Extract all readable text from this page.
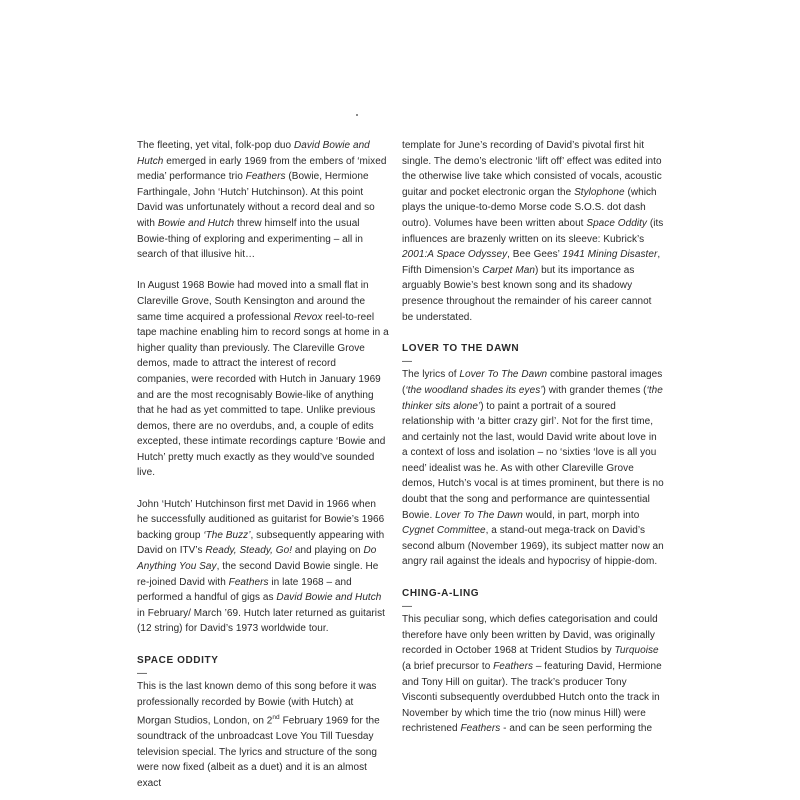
The fleeting, yet vital, folk-pop duo David Bowie and Hutch emerged in early 1969 from the embers of ‘mixed media’ performance trio Feathers (Bowie, Hermione Farthingale, John ‘Hutch’ Hutchinson). At this point David was unfortunately without a record deal and so with Bowie and Hutch threw himself into the usual Bowie-thing of exploring and experimenting – all in search of that illusive hit…

In August 1968 Bowie had moved into a small flat in Clareville Grove, South Kensington and around the same time acquired a professional Revox reel-to-reel tape machine enabling him to record songs at home in a higher quality than previously. The Clareville Grove demos, made to attract the interest of record companies, were recorded with Hutch in January 1969 and are the most recognisably Bowie-like of anything that he had as yet committed to tape. Unlike previous demos, there are no overdubs, and, a couple of edits excepted, these intimate recordings capture ‘Bowie and Hutch’ pretty much exactly as they would’ve sounded live.

John ‘Hutch’ Hutchinson first met David in 1966 when he successfully auditioned as guitarist for Bowie’s 1966 backing group ‘The Buzz’, subsequently appearing with David on ITV’s Ready, Steady, Go! and playing on Do Anything You Say, the second David Bowie single. He re-joined David with Feathers in late 1968 – and performed a handful of gigs as David Bowie and Hutch in February/ March ’69. Hutch later returned as guitarist (12 string) for David’s 1973 worldwide tour.

SPACE ODDITY

—

This is the last known demo of this song before it was professionally recorded by Bowie (with Hutch) at Morgan Studios, London, on 2nd February 1969 for the soundtrack of the unbroadcast Love You Till Tuesday television special. The lyrics and structure of the song were now fixed (albeit as a duet) and it is an almost exact

template for June’s recording of David’s pivotal first hit single. The demo’s electronic ‘lift off’ effect was edited into the otherwise live take which consisted of vocals, acoustic guitar and pocket electronic organ the Stylophone (which plays the unique-to-demo Morse code S.O.S. dot dash outro). Volumes have been written about Space Oddity (its influences are brazenly written on its sleeve: Kubrick’s 2001:A Space Odyssey, Bee Gees’ 1941 Mining Disaster, Fifth Dimension’s Carpet Man) but its importance as arguably Bowie’s best known song and its shadowy presence throughout the remainder of his career cannot be understated.

LOVER TO THE DAWN

—

The lyrics of Lover To The Dawn combine pastoral images (‘the woodland shades its eyes’) with grander themes (‘the thinker sits alone’) to paint a portrait of a soured relationship with ‘a bitter crazy girl’. Not for the first time, and certainly not the last, would David write about love in a context of loss and isolation – no ‘sixties ‘love is all you need’ idealist was he. As with other Clareville Grove demos, Hutch’s vocal is at times prominent, but there is no doubt that the song and performance are quintessential Bowie. Lover To The Dawn would, in part, morph into Cygnet Committee, a stand-out mega-track on David’s second album (November 1969), its subject matter now an angry rail against the ideals and hypocrisy of hippie-dom.

CHING-A-LING

—

This peculiar song, which defies categorisation and could therefore have only been written by David, was originally recorded in October 1968 at Trident Studios by Turquoise (a brief precursor to Feathers – featuring David, Hermione and Tony Hill on guitar). The track’s producer Tony Visconti subsequently overdubbed Hutch onto the track in November by which time the trio (now minus Hill) were rechristened Feathers - and can be seen performing the
